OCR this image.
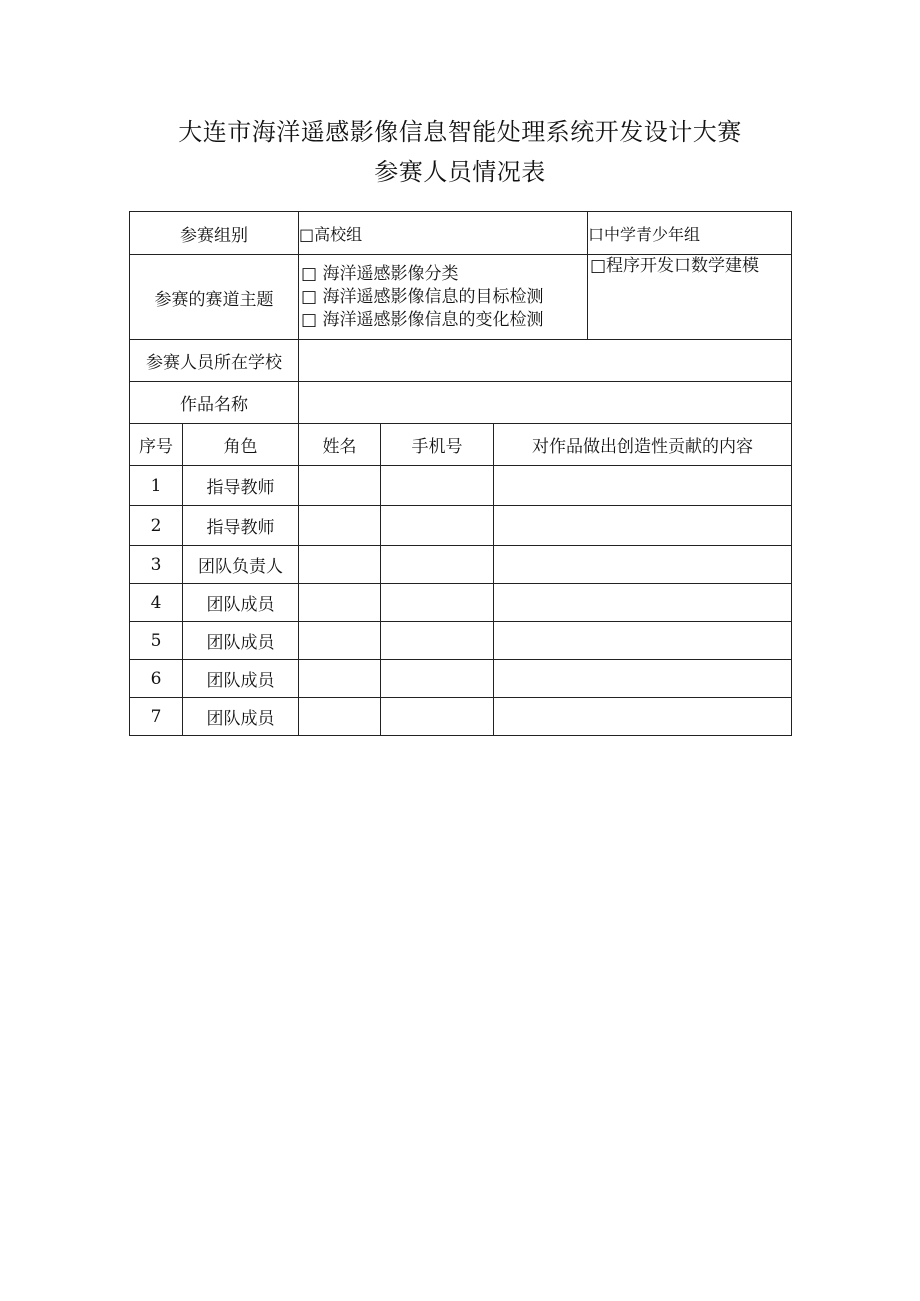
大连市海洋遥感影像信息智能处理系统开发设计大赛
参赛人员情况表
参赛组别		□高校组			口中学青少年组
参赛的赛道主题		□ 海洋遥感影像分类
□ 海洋遥感影像信息的目标检测
□ 海洋遥感影像信息的变化检测			□程序开发口数学建模

参赛人员所在学校					
作品名称					
序号	角色	姓名	手机号	对作品做出创造性贡献的内容	
1	指导教师				
2	指导教师				
3	团队负责人				
4	团队成员				
5	团队成员				
6	团队成员				
7	团队成员				
